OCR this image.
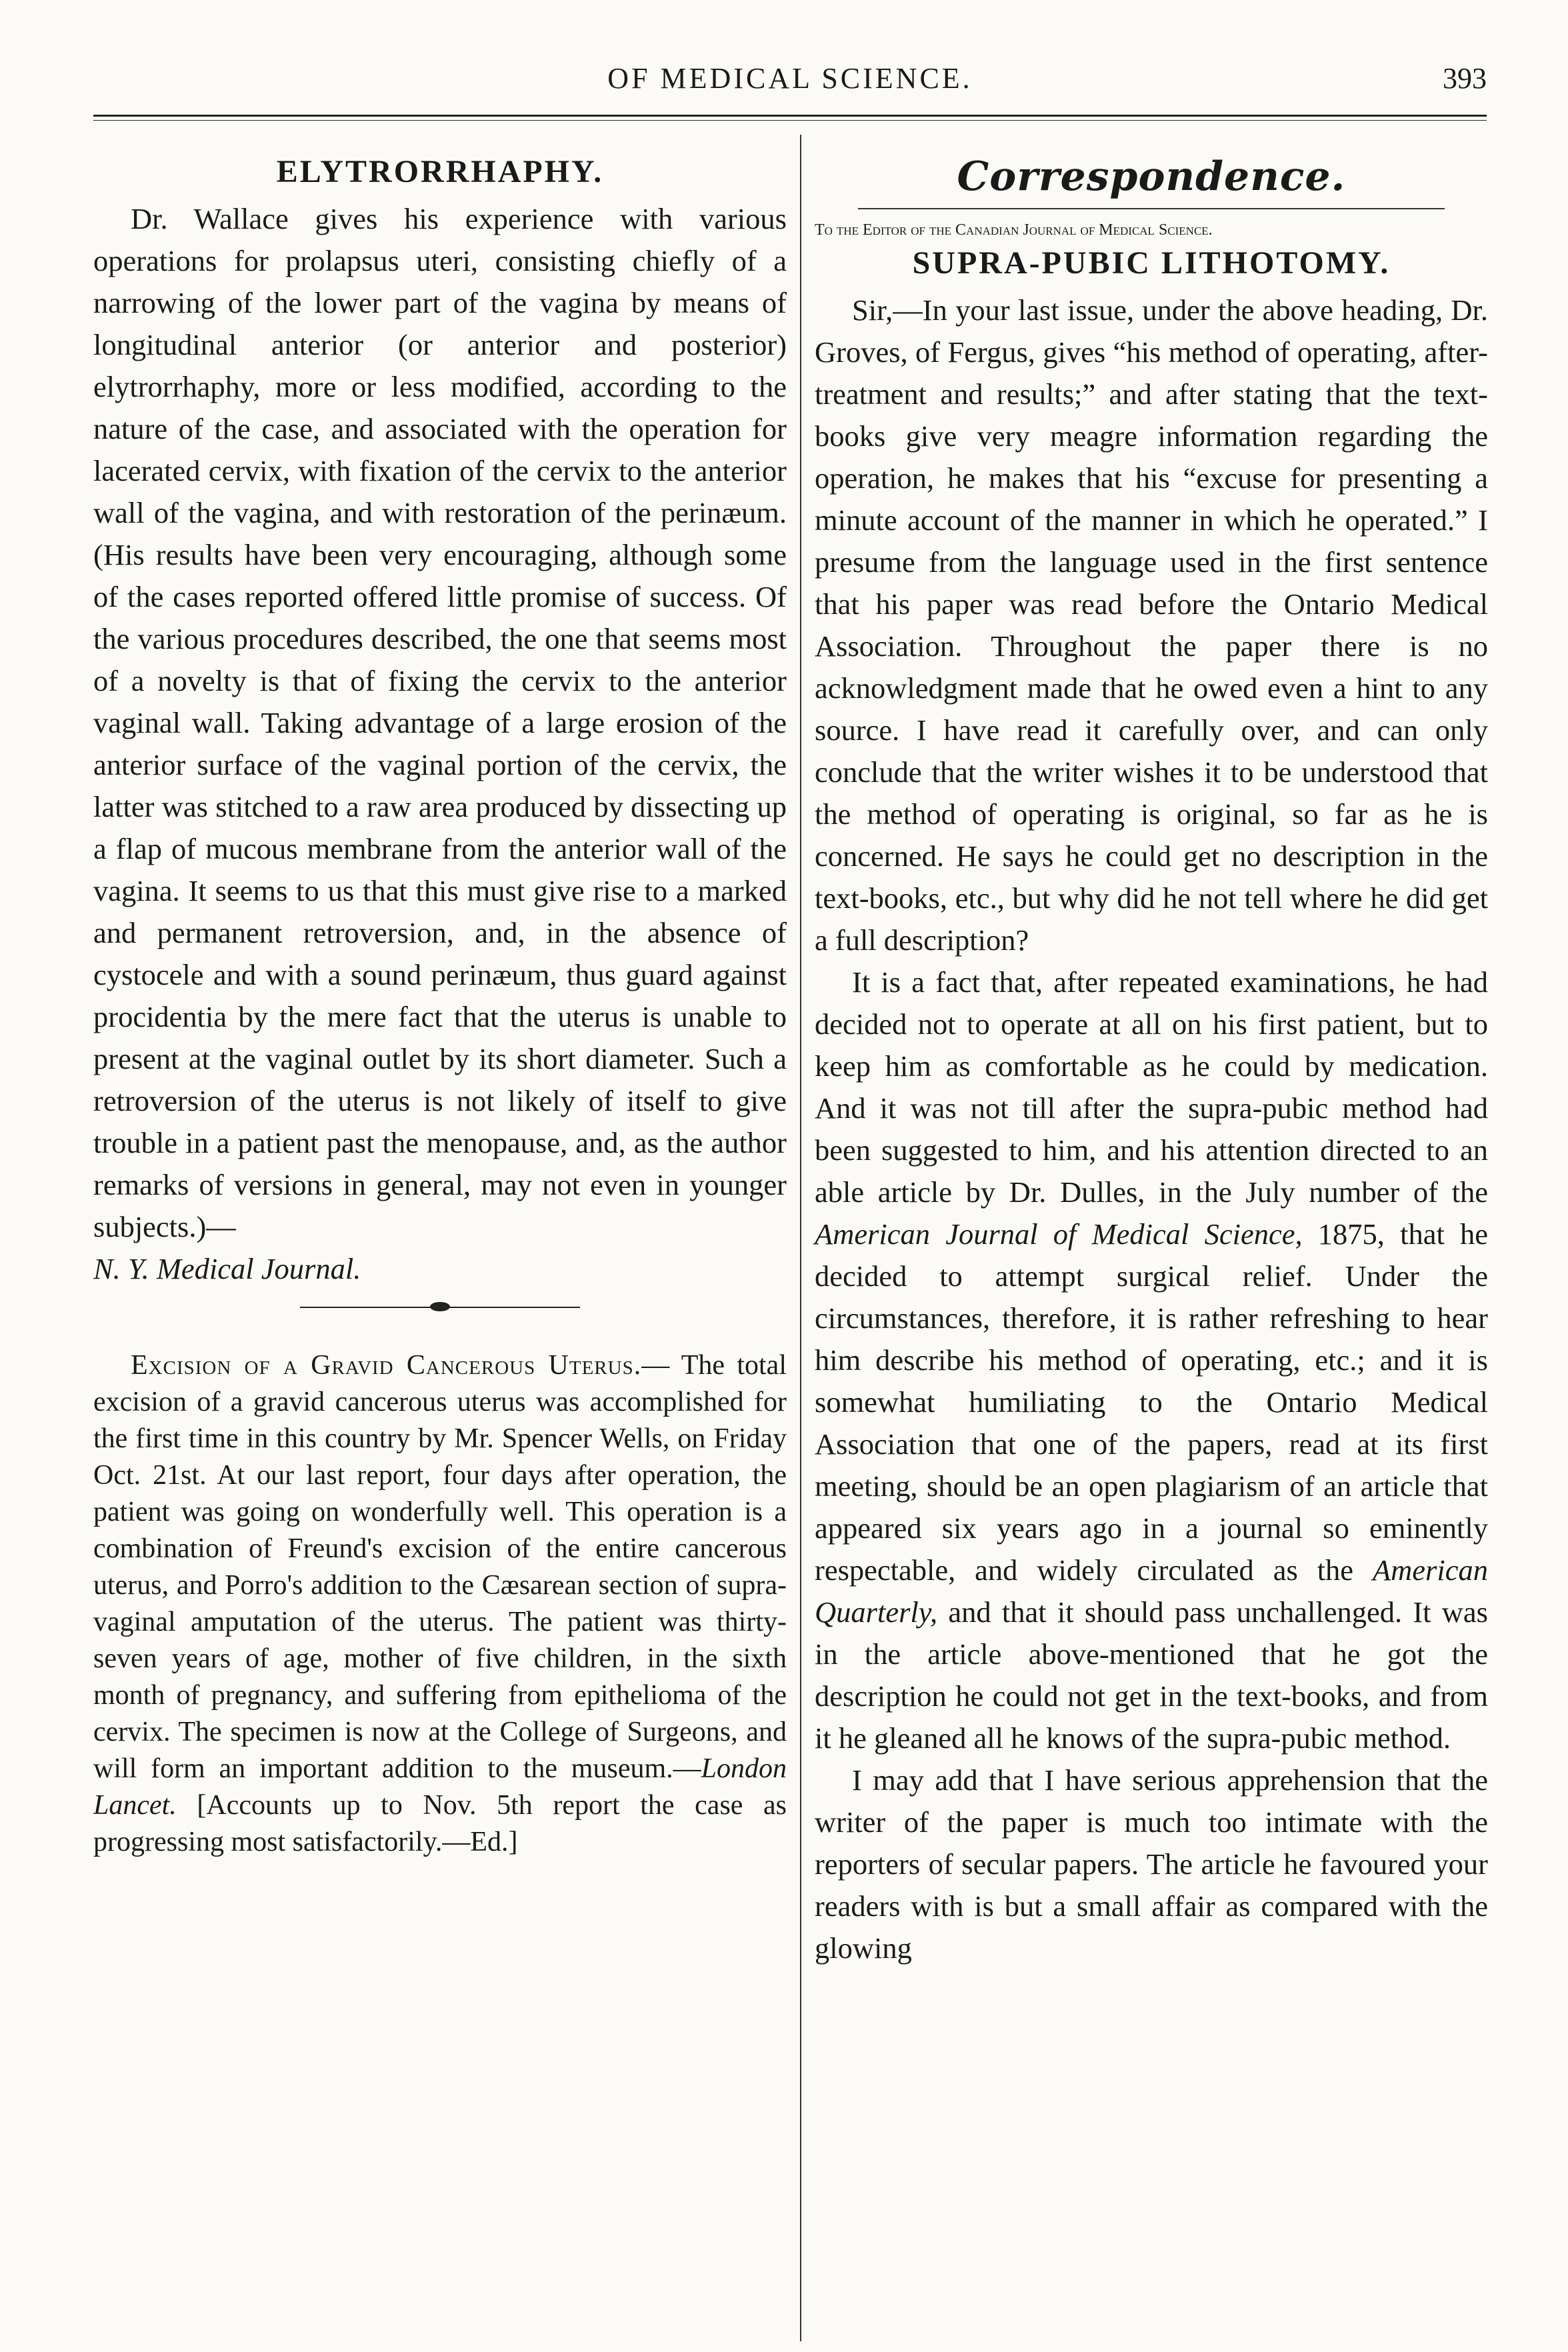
OF MEDICAL SCIENCE.	393
ELYTRORRHAPHY.

Dr. Wallace gives his experience with various operations for prolapsus uteri, consisting chiefly of a narrowing of the lower part of the vagina by means of longitudinal anterior (or anterior and posterior) elytrorrhaphy, more or less modified, according to the nature of the case, and associated with the operation for lacerated cervix, with fixation of the cervix to the anterior wall of the vagina, and with restoration of the perinæum. (His results have been very encouraging, although some of the cases reported offered little promise of success. Of the various procedures described, the one that seems most of a novelty is that of fixing the cervix to the anterior vaginal wall. Taking advantage of a large erosion of the anterior surface of the vaginal portion of the cervix, the latter was stitched to a raw area produced by dissecting up a flap of mucous membrane from the anterior wall of the vagina. It seems to us that this must give rise to a marked and permanent retroversion, and, in the absence of cystocele and with a sound perinæum, thus guard against procidentia by the mere fact that the uterus is unable to present at the vaginal outlet by its short diameter. Such a retroversion of the uterus is not likely of itself to give trouble in a patient past the menopause, and, as the author remarks of versions in general, may not even in younger subjects.)—
N. Y. Medical Journal.

Excision of a Gravid Cancerous Uterus.— The total excision of a gravid cancerous uterus was accomplished for the first time in this country by Mr. Spencer Wells, on Friday Oct. 21st. At our last report, four days after operation, the patient was going on wonderfully well. This operation is a combination of Freund's excision of the entire cancerous uterus, and Porro's addition to the Cæsarean section of supra-vaginal amputation of the uterus. The patient was thirty-seven years of age, mother of five children, in the sixth month of pregnancy, and suffering from epithelioma of the cervix. The specimen is now at the College of Surgeons, and will form an important addition to the museum.—London Lancet. [Accounts up to Nov. 5th report the case as progressing most satisfactorily.—Ed.]

Correspondence.
To the Editor of the Canadian Journal of Medical Science.
SUPRA-PUBIC LITHOTOMY.

Sir,—In your last issue, under the above heading, Dr. Groves, of Fergus, gives “his method of operating, after-treatment and results;” and after stating that the text-books give very meagre information regarding the operation, he makes that his “excuse for presenting a minute account of the manner in which he operated.” I presume from the language used in the first sentence that his paper was read before the Ontario Medical Association. Throughout the paper there is no acknowledgment made that he owed even a hint to any source. I have read it carefully over, and can only conclude that the writer wishes it to be understood that the method of operating is original, so far as he is concerned. He says he could get no description in the text-books, etc., but why did he not tell where he did get a full description?

It is a fact that, after repeated examinations, he had decided not to operate at all on his first patient, but to keep him as comfortable as he could by medication. And it was not till after the supra-pubic method had been suggested to him, and his attention directed to an able article by Dr. Dulles, in the July number of the American Journal of Medical Science, 1875, that he decided to attempt surgical relief. Under the circumstances, therefore, it is rather refreshing to hear him describe his method of operating, etc.; and it is somewhat humiliating to the Ontario Medical Association that one of the papers, read at its first meeting, should be an open plagiarism of an article that appeared six years ago in a journal so eminently respectable, and widely circulated as the American Quarterly, and that it should pass unchallenged. It was in the article above-mentioned that he got the description he could not get in the text-books, and from it he gleaned all he knows of the supra-pubic method.

I may add that I have serious apprehension that the writer of the paper is much too intimate with the reporters of secular papers. The article he favoured your readers with is but a small affair as compared with the glowing
